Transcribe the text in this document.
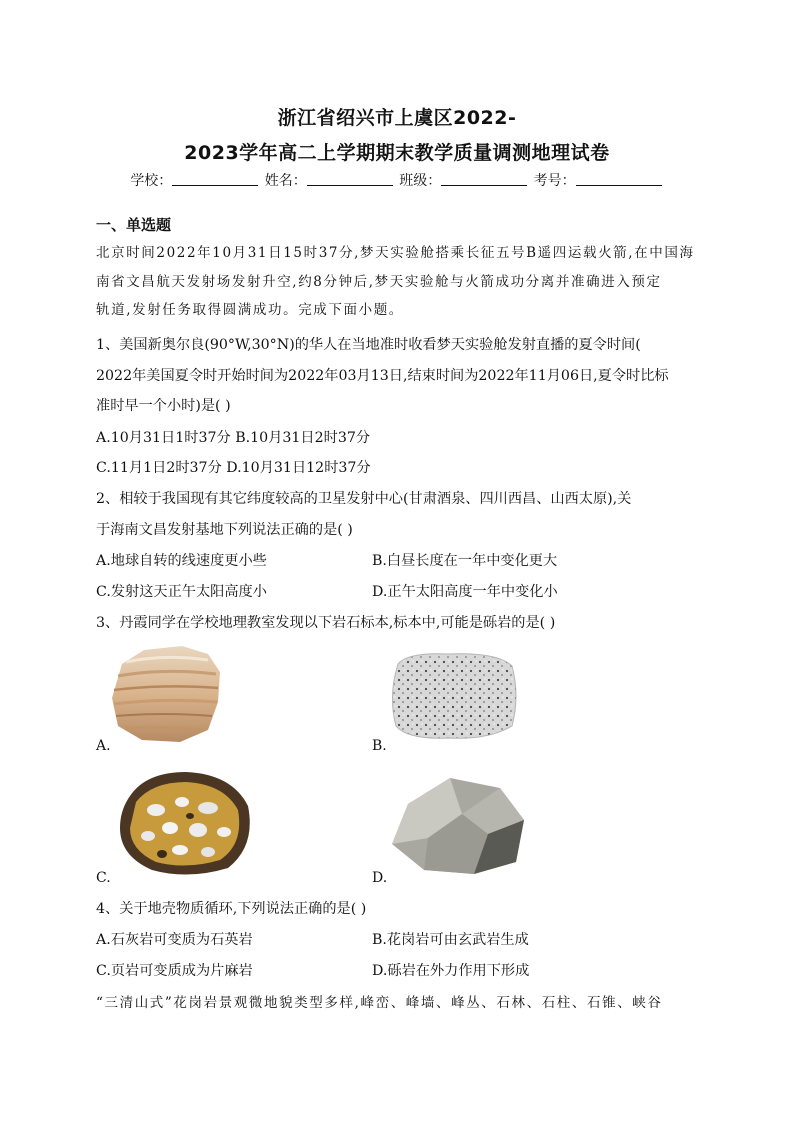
浙江省绍兴市上虞区2022-
2023学年高二上学期期末教学质量调测地理试卷
学校：	姓名：	班级：	考号：
一、单选题
北京时间2022年10月31日15时37分,梦天实验舱搭乘长征五号B遥四运载火箭,在中国海
南省文昌航天发射场发射升空,约8分钟后,梦天实验舱与火箭成功分离并准确进入预定
轨道,发射任务取得圆满成功。完成下面小题。
1、美国新奥尔良(90°W,30°N)的华人在当地准时收看梦天实验舱发射直播的夏令时间(
2022年美国夏令时开始时间为2022年03月13日,结束时间为2022年11月06日,夏令时比标
准时早一个小时)是( )
A.10月31日1时37分 B.10月31日2时37分
C.11月1日2时37分 D.10月31日12时37分
2、相较于我国现有其它纬度较高的卫星发射中心(甘肃酒泉、四川西昌、山西太原),关
于海南文昌发射基地下列说法正确的是( )
A.地球自转的线速度更小些	B.白昼长度在一年中变化更大
C.发射这天正午太阳高度小	D.正午太阳高度一年中变化小
3、丹霞同学在学校地理教室发现以下岩石标本,标本中,可能是砾岩的是( )
A.	B.
C.	D.
4、关于地壳物质循环,下列说法正确的是( )
A.石灰岩可变质为石英岩	B.花岗岩可由玄武岩生成
C.页岩可变质成为片麻岩	D.砾岩在外力作用下形成
“三清山式”花岗岩景观微地貌类型多样,峰峦、峰墙、峰丛、石林、石柱、石锥、峡谷
